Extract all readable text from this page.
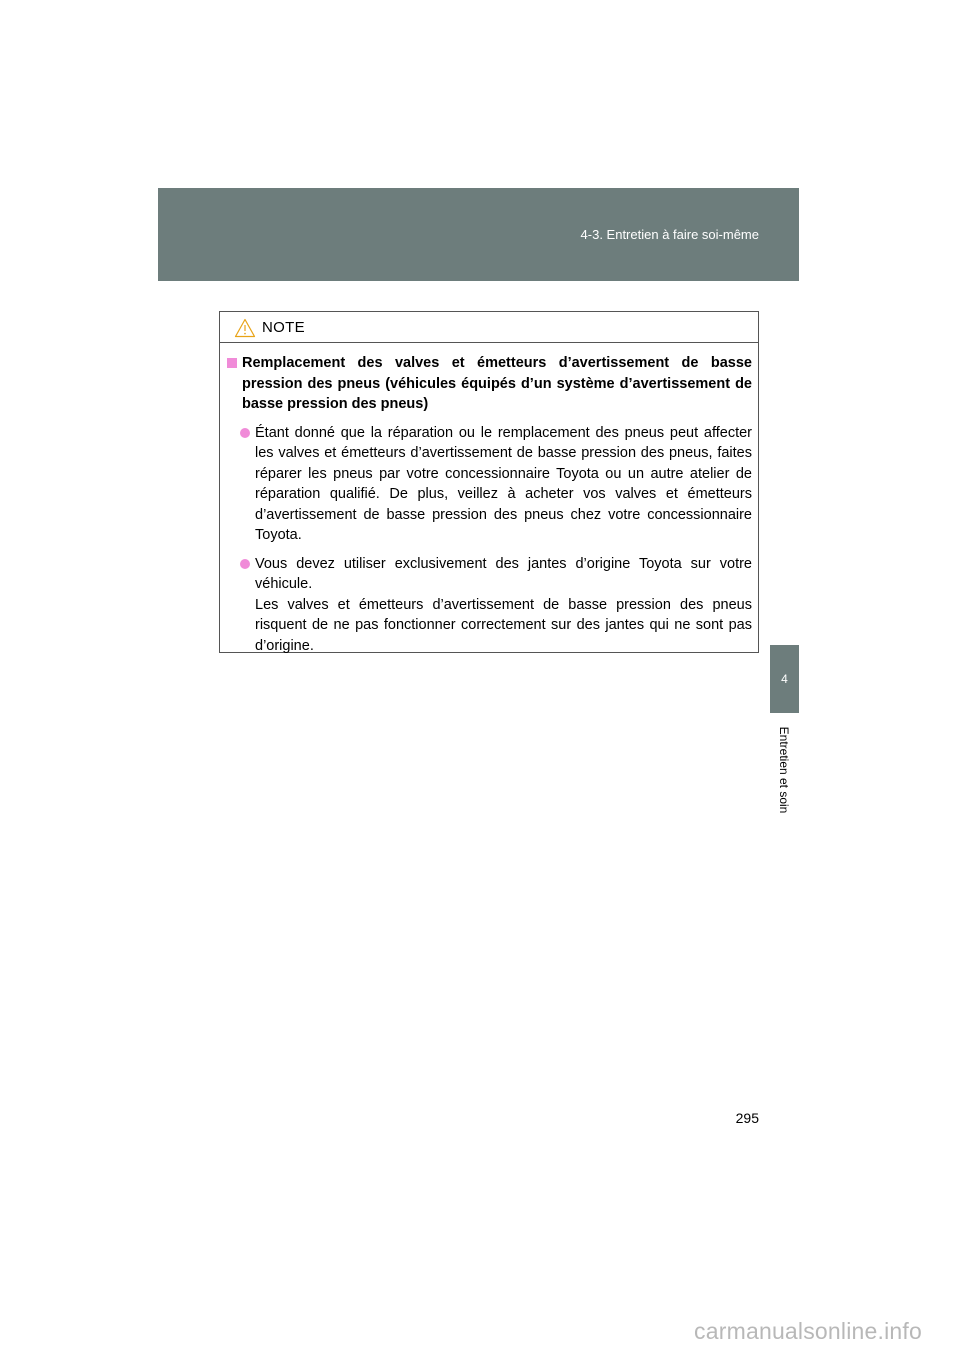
4-3. Entretien à faire soi-même
4
Entretien et soin
NOTE
Remplacement des valves et émetteurs d’avertissement de basse pression des pneus (véhicules équipés d’un système d’avertissement de basse pression des pneus)

Étant donné que la réparation ou le remplacement des pneus peut affecter les valves et émetteurs d’avertissement de basse pression des pneus, faites réparer les pneus par votre concessionnaire Toyota ou un autre atelier de réparation qualifié. De plus, veillez à acheter vos valves et émetteurs d’avertissement de basse pression des pneus chez votre concessionnaire Toyota.

Vous devez utiliser exclusivement des jantes d’origine Toyota sur votre véhicule.

Les valves et émetteurs d’avertissement de basse pression des pneus risquent de ne pas fonctionner correctement sur des jantes qui ne sont pas d’origine.

295
carmanualsonline.info
